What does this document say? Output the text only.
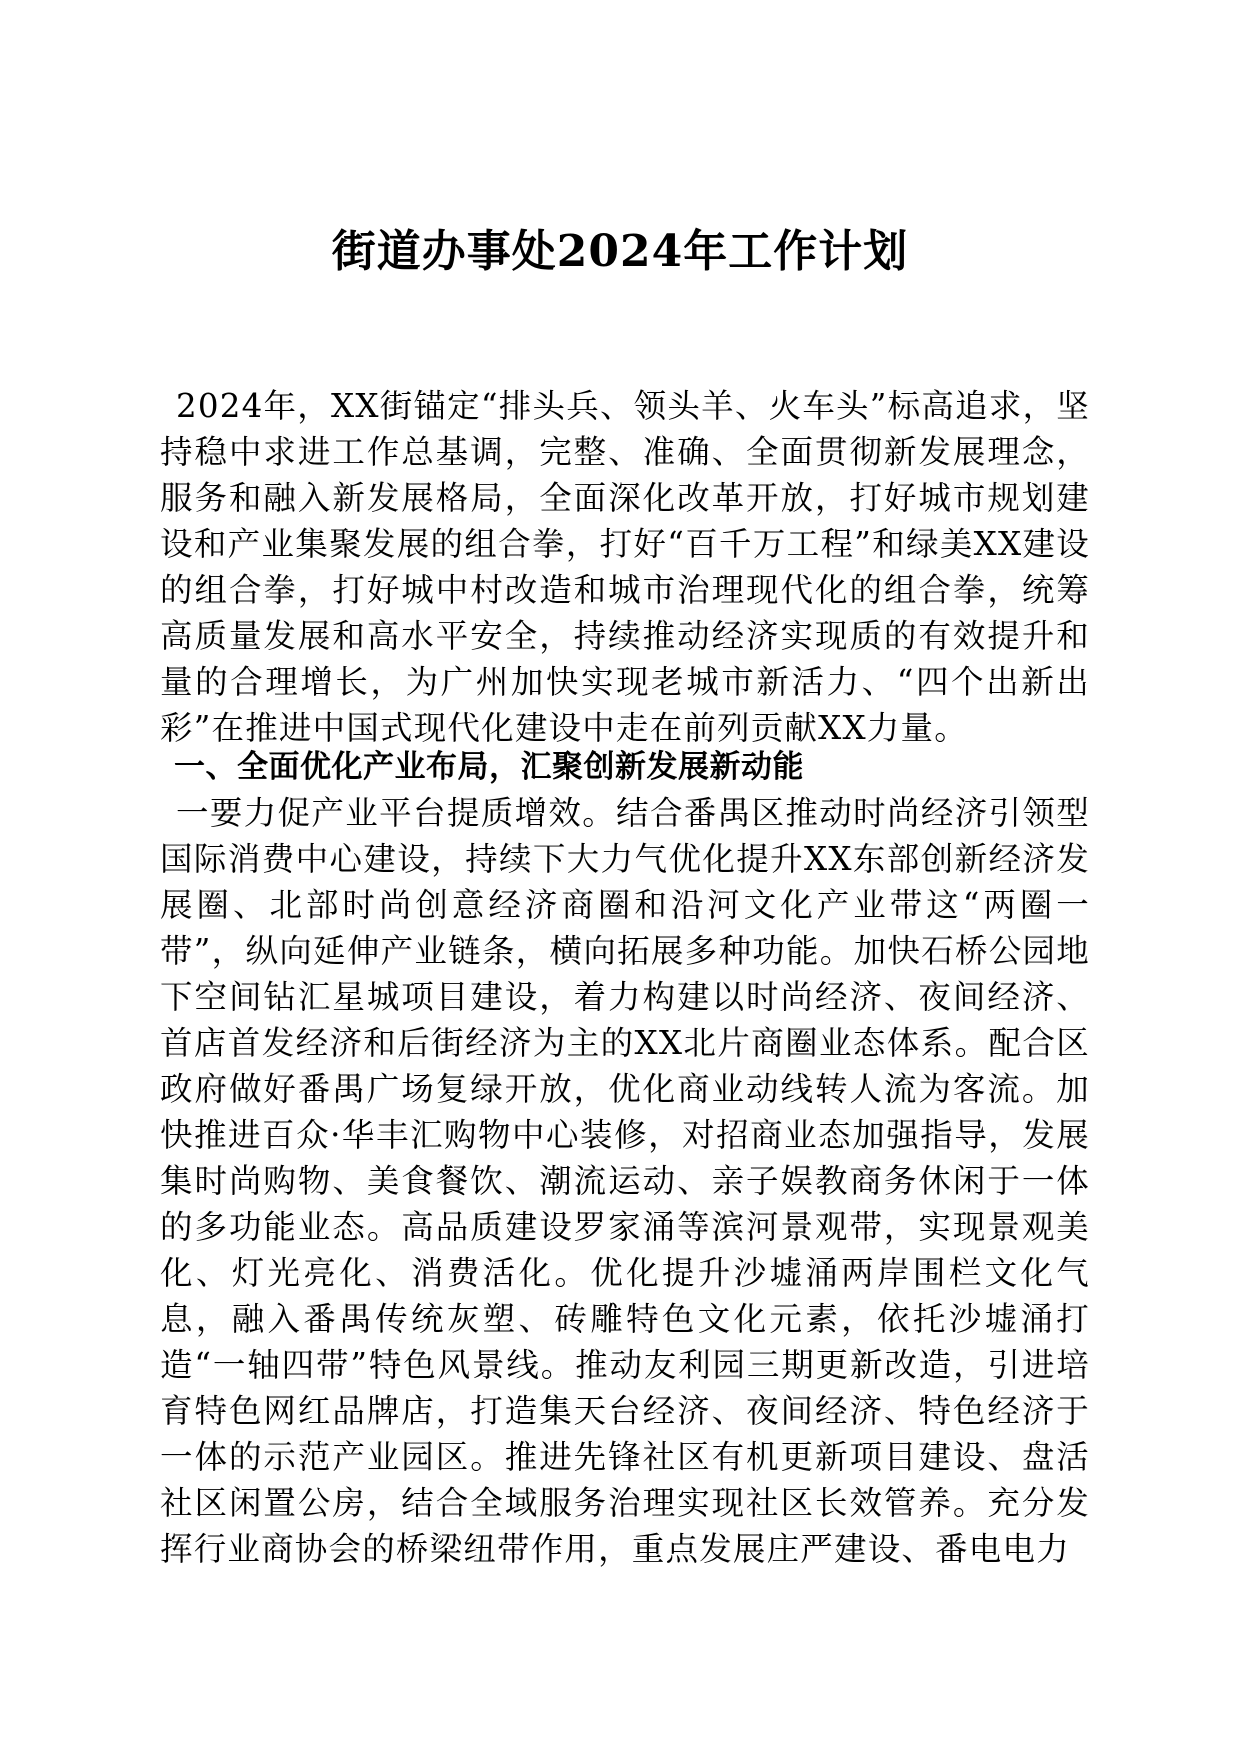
街道办事处2024年工作计划

2024年，XX街锚定“排头兵、领头羊、火车头”标高追求，坚持稳中求进工作总基调，完整、准确、全面贯彻新发展理念，服务和融入新发展格局，全面深化改革开放，打好城市规划建设和产业集聚发展的组合拳，打好“百千万工程”和绿美XX建设的组合拳，打好城中村改造和城市治理现代化的组合拳，统筹高质量发展和高水平安全，持续推动经济实现质的有效提升和量的合理增长，为广州加快实现老城市新活力、“四个出新出彩”在推进中国式现代化建设中走在前列贡献XX力量。

一、全面优化产业布局，汇聚创新发展新动能

一要力促产业平台提质增效。结合番禺区推动时尚经济引领型国际消费中心建设，持续下大力气优化提升XX东部创新经济发展圈、北部时尚创意经济商圈和沿河文化产业带这“两圈一带”，纵向延伸产业链条，横向拓展多种功能。加快石桥公园地下空间钻汇星城项目建设，着力构建以时尚经济、夜间经济、首店首发经济和后街经济为主的XX北片商圈业态体系。配合区政府做好番禺广场复绿开放，优化商业动线转人流为客流。加快推进百众·华丰汇购物中心装修，对招商业态加强指导，发展集时尚购物、美食餐饮、潮流运动、亲子娱教商务休闲于一体的多功能业态。高品质建设罗家涌等滨河景观带，实现景观美化、灯光亮化、消费活化。优化提升沙墟涌两岸围栏文化气息，融入番禺传统灰塑、砖雕特色文化元素，依托沙墟涌打造“一轴四带”特色风景线。推动友利园三期更新改造，引进培育特色网红品牌店，打造集天台经济、夜间经济、特色经济于一体的示范产业园区。推进先锋社区有机更新项目建设、盘活社区闲置公房，结合全域服务治理实现社区长效管养。充分发挥行业商协会的桥梁纽带作用，重点发展庄严建设、番电电力
